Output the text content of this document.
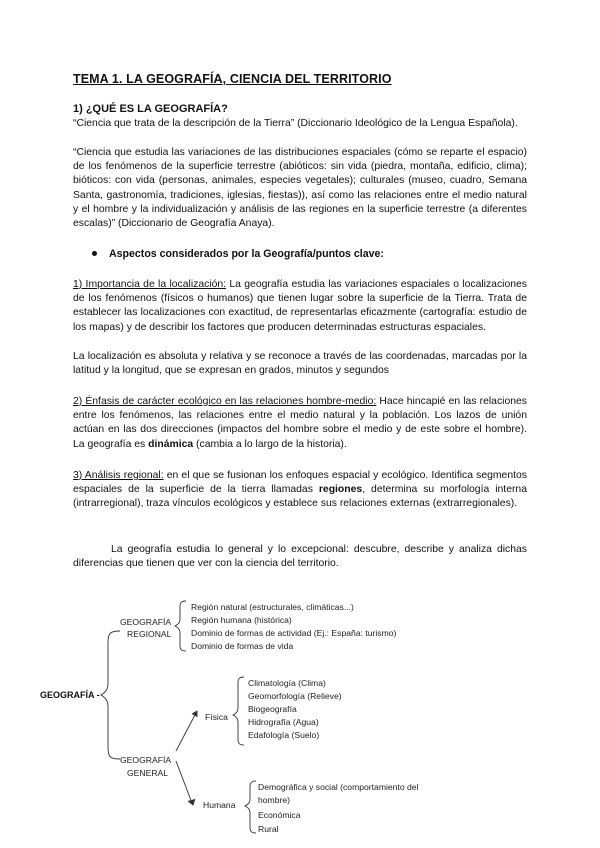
TEMA 1. LA GEOGRAFÍA, CIENCIA DEL TERRITORIO
1) ¿QUÉ ES LA GEOGRAFÍA?
“Ciencia que trata de la descripción de la Tierra” (Diccionario Ideológico de la Lengua Española).
“Ciencia que estudia las variaciones de las distribuciones espaciales (cómo se reparte el espacio) de los fenómenos de la superficie terrestre (abióticos: sin vida (piedra, montaña, edificio, clima); bióticos: con vida (personas, animales, especies vegetales); culturales (museo, cuadro, Semana Santa, gastronomía, tradiciones, iglesias, fiestas)), así como las relaciones entre el medio natural y el hombre y la individualización y análisis de las regiones en la superficie terrestre (a diferentes escalas)” (Diccionario de Geografía Anaya).
Aspectos considerados por la Geografía/puntos clave:
1) Importancia de la localización: La geografía estudia las variaciones espaciales o localizaciones de los fenómenos (físicos o humanos) que tienen lugar sobre la superficie de la Tierra. Trata de establecer las localizaciones con exactitud, de representarlas eficazmente (cartografía: estudio de los mapas) y de describir los factores que producen determinadas estructuras espaciales.
La localización es absoluta y relativa y se reconoce a través de las coordenadas, marcadas por la latitud y la longitud, que se expresan en grados, minutos y segundos
2) Énfasis de carácter ecológico en las relaciones hombre-medio: Hace hincapié en las relaciones entre los fenómenos, las relaciones entre el medio natural y la población. Los lazos de unión actúan en las dos direcciones (impactos del hombre sobre el medio y de este sobre el hombre). La geografía es dinámica (cambia a lo largo de la historia).
3) Análisis regional: en el que se fusionan los enfoques espacial y ecológico. Identifica segmentos espaciales de la superficie de la tierra llamadas regiones, determina su morfología interna (intrarregional), traza vínculos ecológicos y establece sus relaciones externas (extrarregionales).
La geografía estudia lo general y lo excepcional: descubre, describe y analiza dichas diferencias que tienen que ver con la ciencia del territorio.
GEOGRAFÍA -
GEOGRAFÍA
REGIONAL
Región natural (estructurales, climáticas...)
Región humana (histórica)
Dominio de formas de actividad (Ej.: España: turismo)
Dominio de formas de vida
GEOGRAFÍA
GENERAL
Física
Climatología (Clima)
Geomorfología (Relieve)
Biogeografía
Hidrografía (Agua)
Edafología (Suelo)
Humana
Demográfica y social (comportamiento del
hombre)
Económica
Rural
